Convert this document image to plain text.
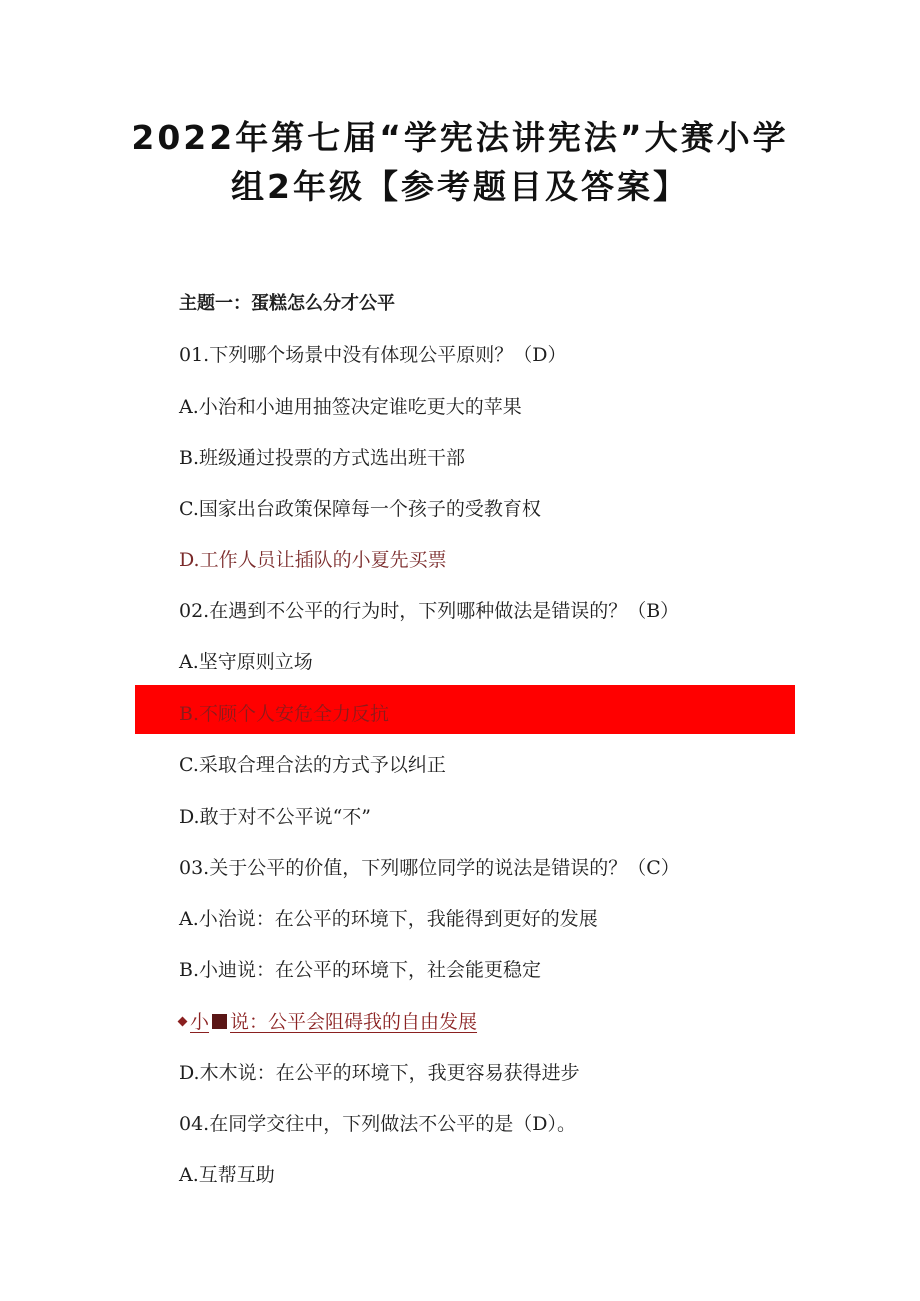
2022年第七届“学宪法讲宪法”大赛小学
组2年级【参考题目及答案】
主题一：蛋糕怎么分才公平
01.下列哪个场景中没有体现公平原则？（D）
A.小治和小迪用抽签决定谁吃更大的苹果
B.班级通过投票的方式选出班干部
C.国家出台政策保障每一个孩子的受教育权
D.工作人员让插队的小夏先买票
02.在遇到不公平的行为时，下列哪种做法是错误的？（B）
A.坚守原则立场
B.不顾个人安危全力反抗
C.采取合理合法的方式予以纠正
D.敢于对不公平说“不”
03.关于公平的价值，下列哪位同学的说法是错误的？（C）
A.小治说：在公平的环境下，我能得到更好的发展
B.小迪说：在公平的环境下，社会能更稳定
小 说：公平会阻碍我的自由发展
D.木木说：在公平的环境下，我更容易获得进步
04.在同学交往中，下列做法不公平的是（D）。
A.互帮互助
